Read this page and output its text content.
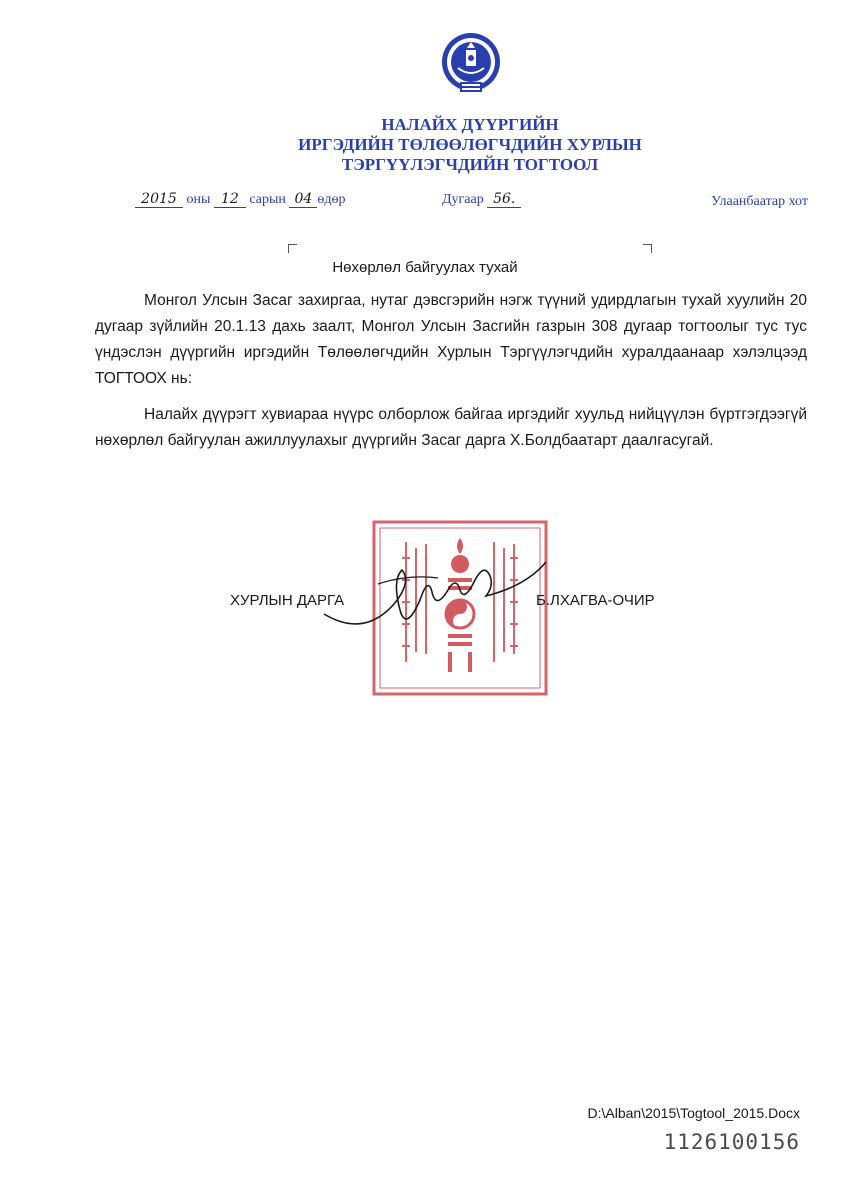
НАЛАЙХ ДҮҮРГИЙН
ИРГЭДИЙН ТӨЛӨӨЛӨГЧДИЙН ХУРЛЫН
ТЭРГҮҮЛЭГЧДИЙН ТОГТООЛ
2015 оны 12 сарын 04 өдөр	Дугаар 56.	Улаанбаатар хот
Нөхөрлөл байгуулах тухай
Монгол Улсын Засаг захиргаа, нутаг дэвсгэрийн нэгж түүний удирдлагын тухай хуулийн 20 дугаар зүйлийн 20.1.13 дахь заалт, Монгол Улсын Засгийн газрын 308 дугаар тогтоолыг тус тус үндэслэн дүүргийн иргэдийн Төлөөлөгчдийн Хурлын Тэргүүлэгчдийн хуралдаанаар хэлэлцээд ТОГТООХ нь:
Налайх дүүрэгт хувиараа нүүрс олборлож байгаа иргэдийг хуульд нийцүүлэн бүртгэгдээгүй нөхөрлөл байгуулан ажиллуулахыг дүүргийн Засаг дарга Х.Болдбаатарт даалгасугай.
ХУРЛЫН ДАРГА	Б.ЛХАГВА-ОЧИР
D:\Alban\2015\Togtool_2015.Docx
1126100156
